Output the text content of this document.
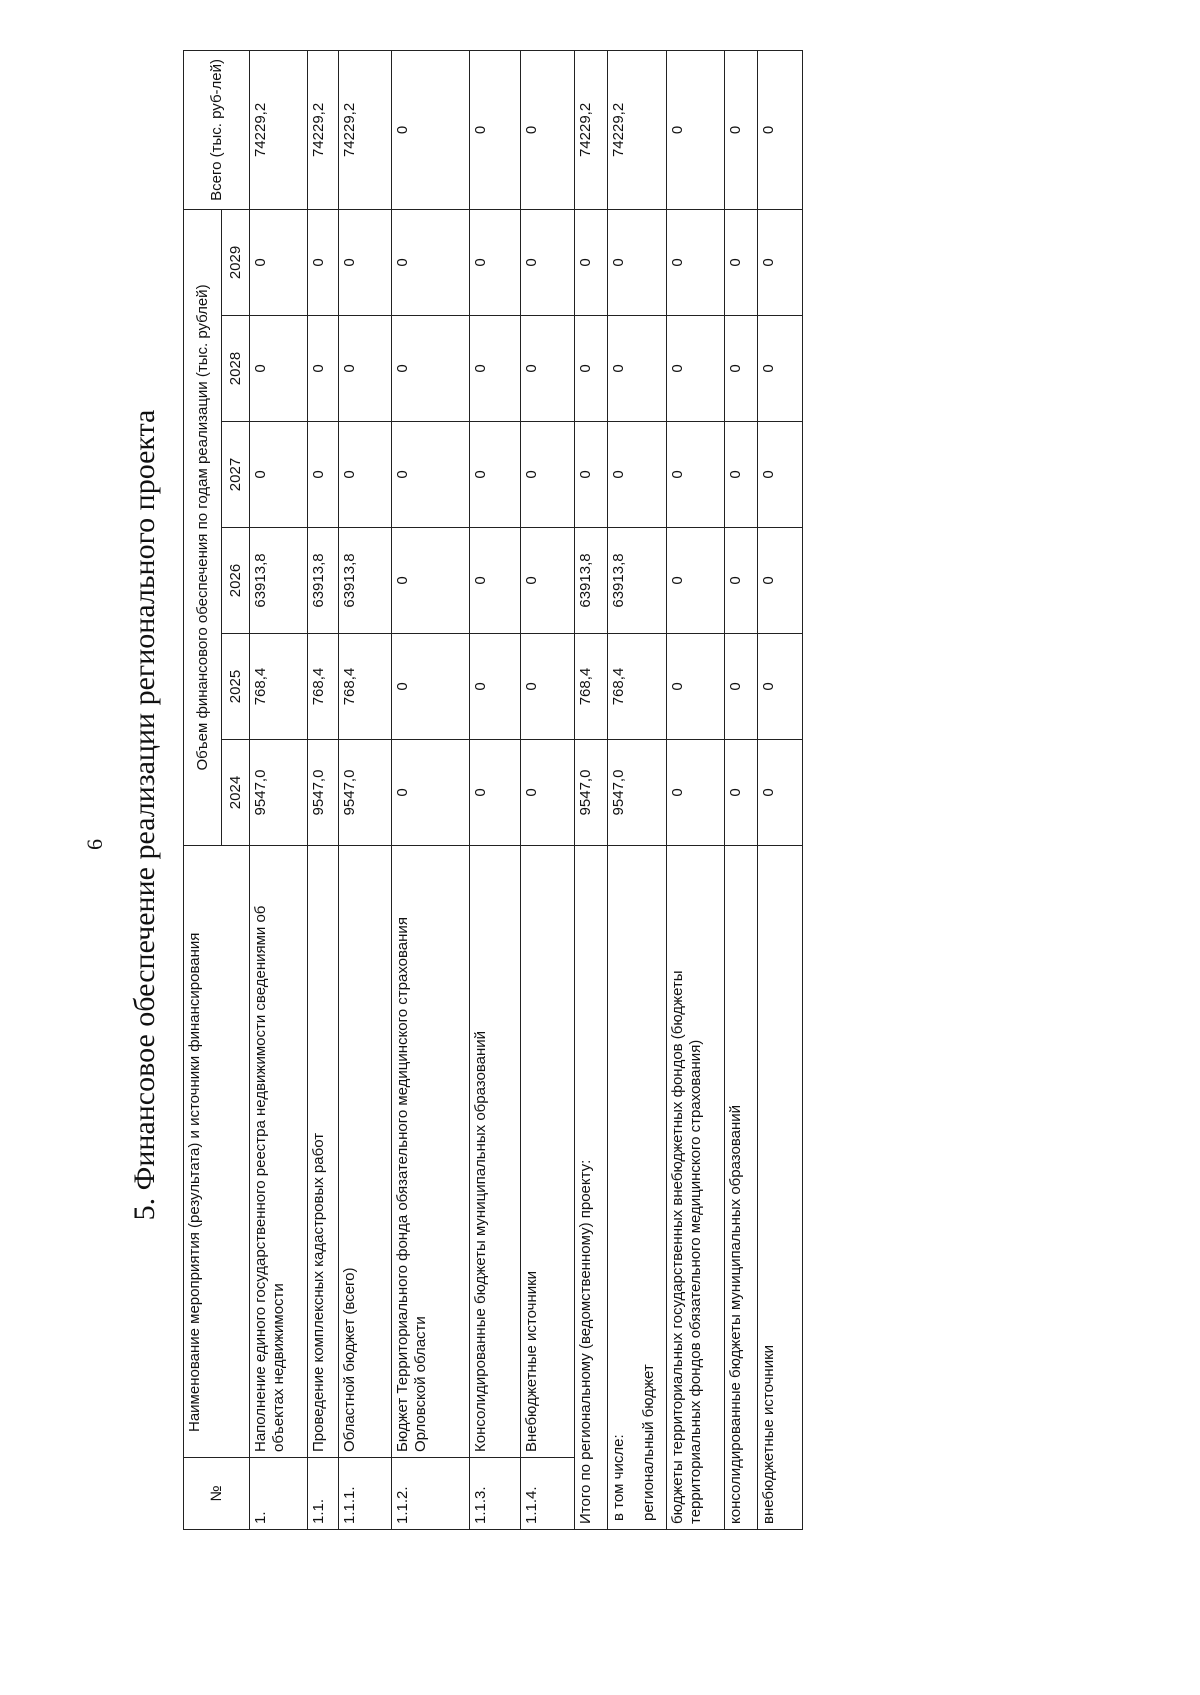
6 5. Финансовое обеспечение реализации регионального проекта
№	Наименование мероприятия (результата) и источники финансирования	Объем финансового обеспечения по годам реализации (тыс. рублей)						Всего (тыс. руб-лей)
		2024	2025	2026	2027	2028	2029	
1.	Наполнение единого государственного реестра недвижимости сведениями об объектах недвижимости	9547,0	768,4	63913,8	0	0	0	74229,2
1.1.	Проведение комплексных кадастровых работ	9547,0	768,4	63913,8	0	0	0	74229,2
1.1.1.	Областной бюджет (всего)	9547,0	768,4	63913,8	0	0	0	74229,2
1.1.2.	Бюджет Территориального фонда обязательного медицинского страхования Орловской области	0	0	0	0	0	0	0
1.1.3.	Консолидированные бюджеты муниципальных образований	0	0	0	0	0	0	0
1.1.4.	Внебюджетные источники	0	0	0	0	0	0	0
Итого по региональному (ведомственному) проекту:		9547,0	768,4	63913,8	0	0	0	74229,2

в том числе: региональный бюджет		9547,0	768,4	63913,8	0	0	0	74229,2
бюджеты территориальных государственных внебюджетных фондов (бюджеты территориальных фондов обязательного медицинского страхования)		0	0	0	0	0	0	0
консолидированные бюджеты муниципальных образований		0	0	0	0	0	0	0
внебюджетные источники		0	0	0	0	0	0	0
